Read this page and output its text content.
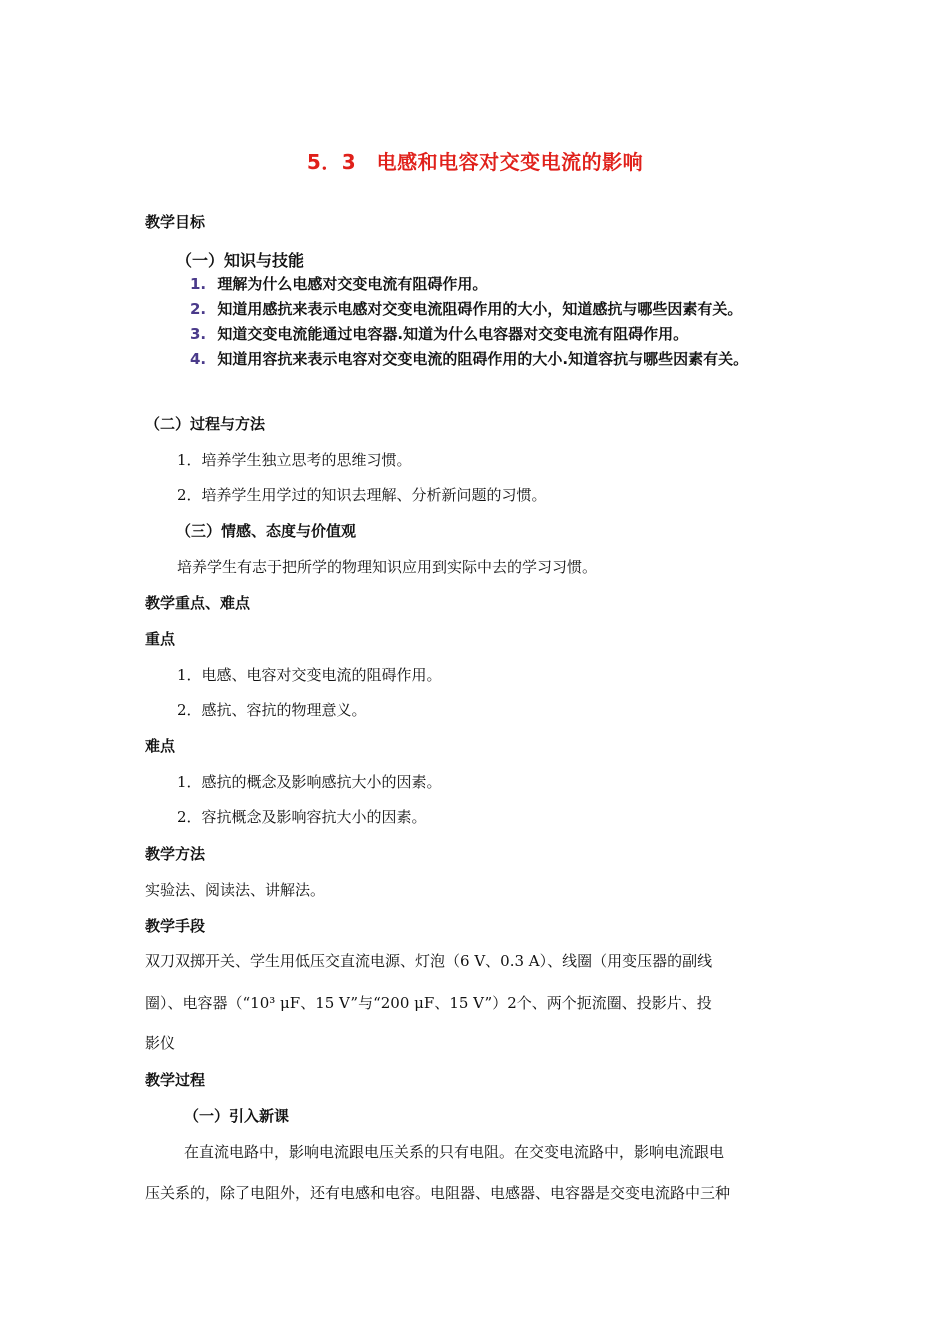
5．3　电感和电容对交变电流的影响
教学目标
（一）知识与技能
1. 理解为什么电感对交变电流有阻碍作用。
2. 知道用感抗来表示电感对交变电流阻碍作用的大小，知道感抗与哪些因素有关。
3. 知道交变电流能通过电容器.知道为什么电容器对交变电流有阻碍作用。
4. 知道用容抗来表示电容对交变电流的阻碍作用的大小.知道容抗与哪些因素有关。
（二）过程与方法
1．培养学生独立思考的思维习惯。
2．培养学生用学过的知识去理解、分析新问题的习惯。
（三）情感、态度与价值观
培养学生有志于把所学的物理知识应用到实际中去的学习习惯。
教学重点、难点
重点
1．电感、电容对交变电流的阻碍作用。
2．感抗、容抗的物理意义。
难点
1．感抗的概念及影响感抗大小的因素。
2．容抗概念及影响容抗大小的因素。
教学方法
实验法、阅读法、讲解法。
教学手段
双刀双掷开关、学生用低压交直流电源、灯泡（6 V、0.3 A）、线圈（用变压器的副线
圈）、电容器（“10³ μF、15 V”与“200 μF、15 V”）2个、两个扼流圈、投影片、投
影仪
教学过程
（一）引入新课
在直流电路中，影响电流跟电压关系的只有电阻。在交变电流路中，影响电流跟电
压关系的，除了电阻外，还有电感和电容。电阻器、电感器、电容器是交变电流路中三种
